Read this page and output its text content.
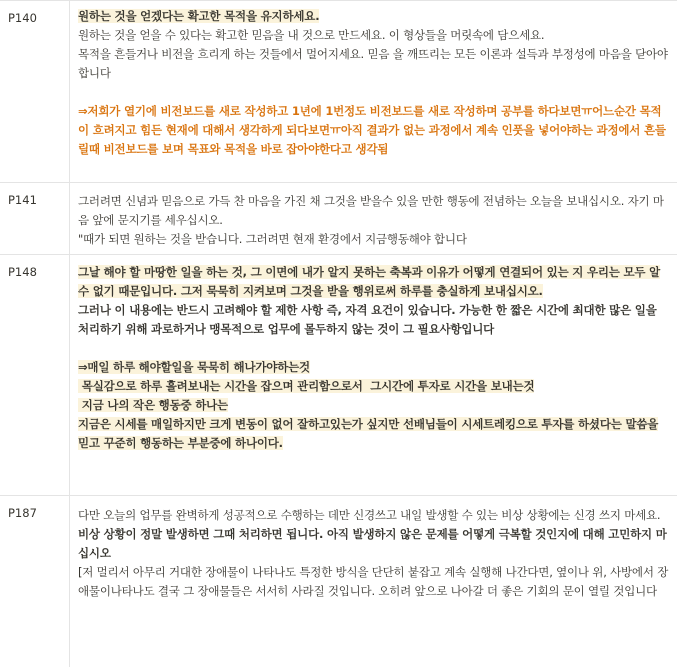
P140	원하는 것을 얻겠다는 확고한 목적을 유지하세요.

원하는 것을 얻을 수 있다는 확고한 믿음을 내 것으로 만드세요. 이 형상들을 머릿속에 담으세요.

목적을 흔들거나 비전을 흐리게 하는 것들에서 멀어지세요. 믿음 을 깨뜨리는 모든 이론과 설득과 부정성에 마음을 닫아야 합니다

⇒저희가 열기에 비전보드를 새로 작성하고 1년에 1번정도 비전보드를 새로 작성하며 공부를 하다보면ㅠ어느순간 목적이 흐려지고 힘든 현재에 대해서 생각하게 되다보면ㅠ아직 결과가 없는 과정에서 계속 인풋을 넣어야하는 과정에서 흔들릴때 비전보드를 보며 목표와 목적을 바로 잡아야한다고 생각됨

P141	그러려면 신념과 믿음으로 가득 찬 마음을 가진 채 그것을 받을수 있을 만한 행동에 전념하는 오늘을 보내십시오. 자기 마음 앞에 문지기를 세우십시오.

"때가 되면 원하는 것을 받습니다. 그러려면 현재 환경에서 지금행동해야 합니다

P148	그날 해야 할 마땅한 일을 하는 것, 그 이면에 내가 알지 못하는 축복과 이유가 어떻게 연결되어 있는 지 우리는 모두 알 수 없기 때문입니다. 그저 묵묵히 지켜보며 그것을 받을 행위로써 하루를 충실하게 보내십시오.

그러나 이 내용에는 반드시 고려해야 할 제한 사항 즉, 자격 요건이 있습니다. 가능한 한 짧은 시간에 최대한 많은 일을 처리하기 위해 과로하거나 맹목적으로 업무에 몰두하지 않는 것이 그 필요사항입니다

⇒매일 하루 해야할일을 묵묵히 해나가야하는것

목실감으로 하루 흘려보내는 시간을 잡으며 관리함으로서  그시간에 투자로 시간을 보내는것

지금 나의 작은 행동중 하나는

지금은 시세를 매일하지만 크게 변동이 없어 잘하고있는가 싶지만 선배님들이 시세트레킹으로 투자를 하셨다는 말씀을 믿고 꾸준히 행동하는 부분중에 하나이다.

P187	다만 오늘의 업무를 완벽하게 성공적으로 수행하는 데만 신경쓰고 내일 발생할 수 있는 비상 상황에는 신경 쓰지 마세요.

비상 상황이 정말 발생하면 그때 처리하면 됩니다. 아직 발생하지 않은 문제를 어떻게 극복할 것인지에 대해 고민하지 마십시오

[저 멀리서 아무리 거대한 장애물이 나타나도 특정한 방식을 단단히 붙잡고 계속 실행해 나간다면, 옆이나 위, 사방에서 장애물이나타나도 결국 그 장애물들은 서서히 사라질 것입니다. 오히려 앞으로 나아갈 더 좋은 기회의 문이 열릴 것입니다
